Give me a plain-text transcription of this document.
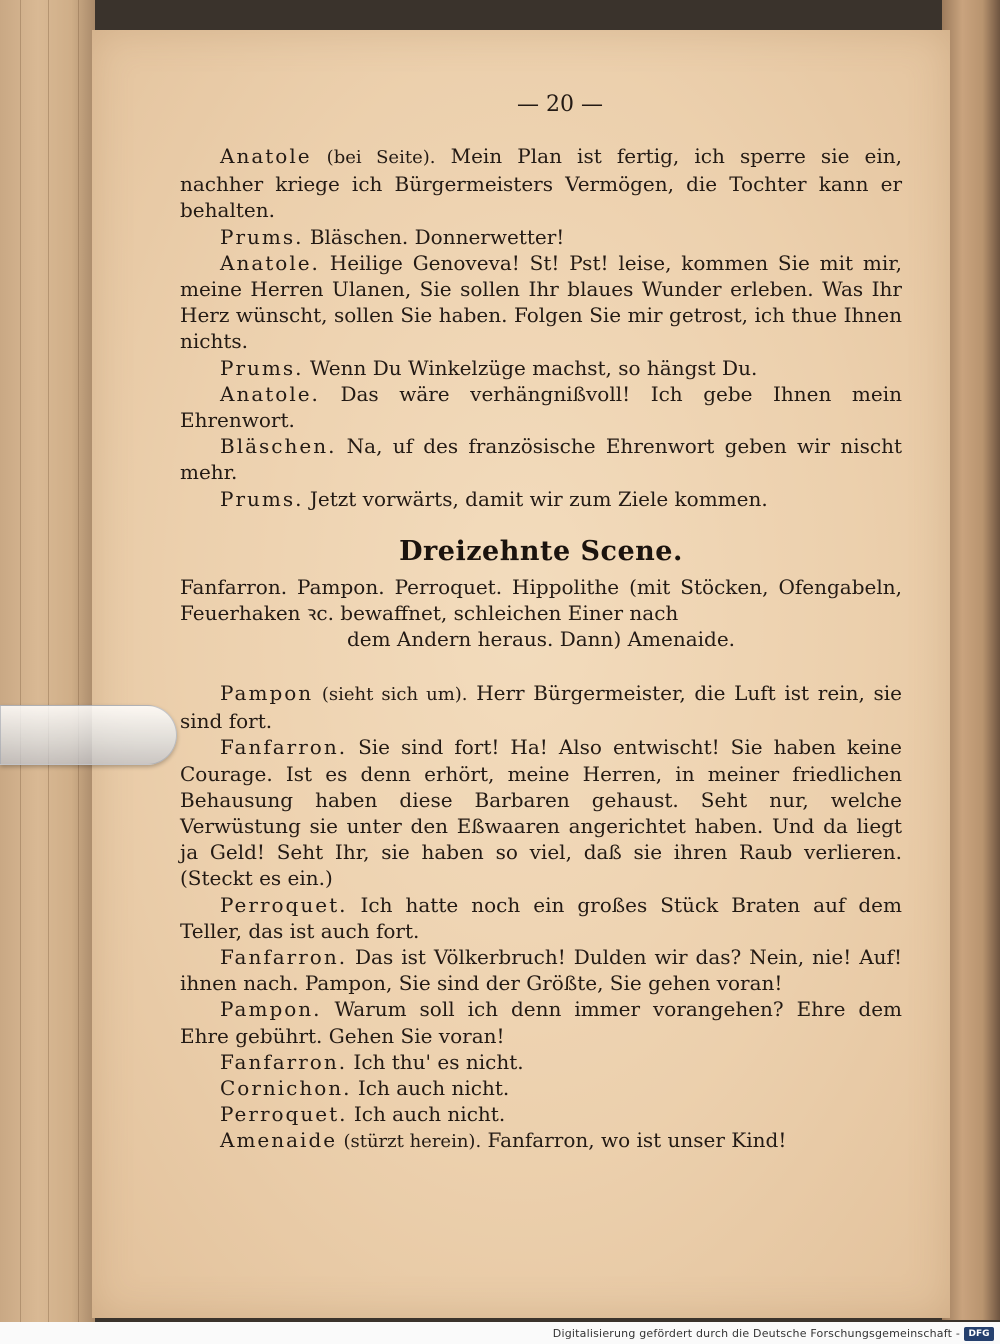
— 20 —

Anatole (bei Seite). Mein Plan ist fertig, ich sperre sie ein, nachher kriege ich Bürgermeisters Vermögen, die Tochter kann er behalten.

Prums. Bläschen. Donnerwetter!

Anatole. Heilige Genoveva! St! Pst! leise, kommen Sie mit mir, meine Herren Ulanen, Sie sollen Ihr blaues Wunder erleben. Was Ihr Herz wünscht, sollen Sie haben. Folgen Sie mir getrost, ich thue Ihnen nichts.

Prums. Wenn Du Winkelzüge machst, so hängst Du.

Anatole. Das wäre verhängnißvoll! Ich gebe Ihnen mein Ehrenwort.

Bläschen. Na, uf des französische Ehrenwort geben wir nischt mehr.

Prums. Jetzt vorwärts, damit wir zum Ziele kommen.

Dreizehnte Scene.

Fanfarron. Pampon. Perroquet. Hippolithe (mit Stöcken, Ofengabeln, Feuerhaken ꝛc. bewaffnet, schleichen Einer nach

dem Andern heraus. Dann) Amenaide.

Pampon (sieht sich um). Herr Bürgermeister, die Luft ist rein, sie sind fort.

Fanfarron. Sie sind fort! Ha! Also entwischt! Sie haben keine Courage. Ist es denn erhört, meine Herren, in meiner friedlichen Behausung haben diese Barbaren gehaust. Seht nur, welche Verwüstung sie unter den Eßwaaren angerichtet haben. Und da liegt ja Geld! Seht Ihr, sie haben so viel, daß sie ihren Raub verlieren. (Steckt es ein.)

Perroquet. Ich hatte noch ein großes Stück Braten auf dem Teller, das ist auch fort.

Fanfarron. Das ist Völkerbruch! Dulden wir das? Nein, nie! Auf! ihnen nach. Pampon, Sie sind der Größte, Sie gehen voran!

Pampon. Warum soll ich denn immer vorangehen? Ehre dem Ehre gebührt. Gehen Sie voran!

Fanfarron. Ich thu' es nicht.

Cornichon. Ich auch nicht.

Perroquet. Ich auch nicht.

Amenaide (stürzt herein). Fanfarron, wo ist unser Kind!

Digitalisierung gefördert durch die Deutsche Forschungsgemeinschaft - DFG
